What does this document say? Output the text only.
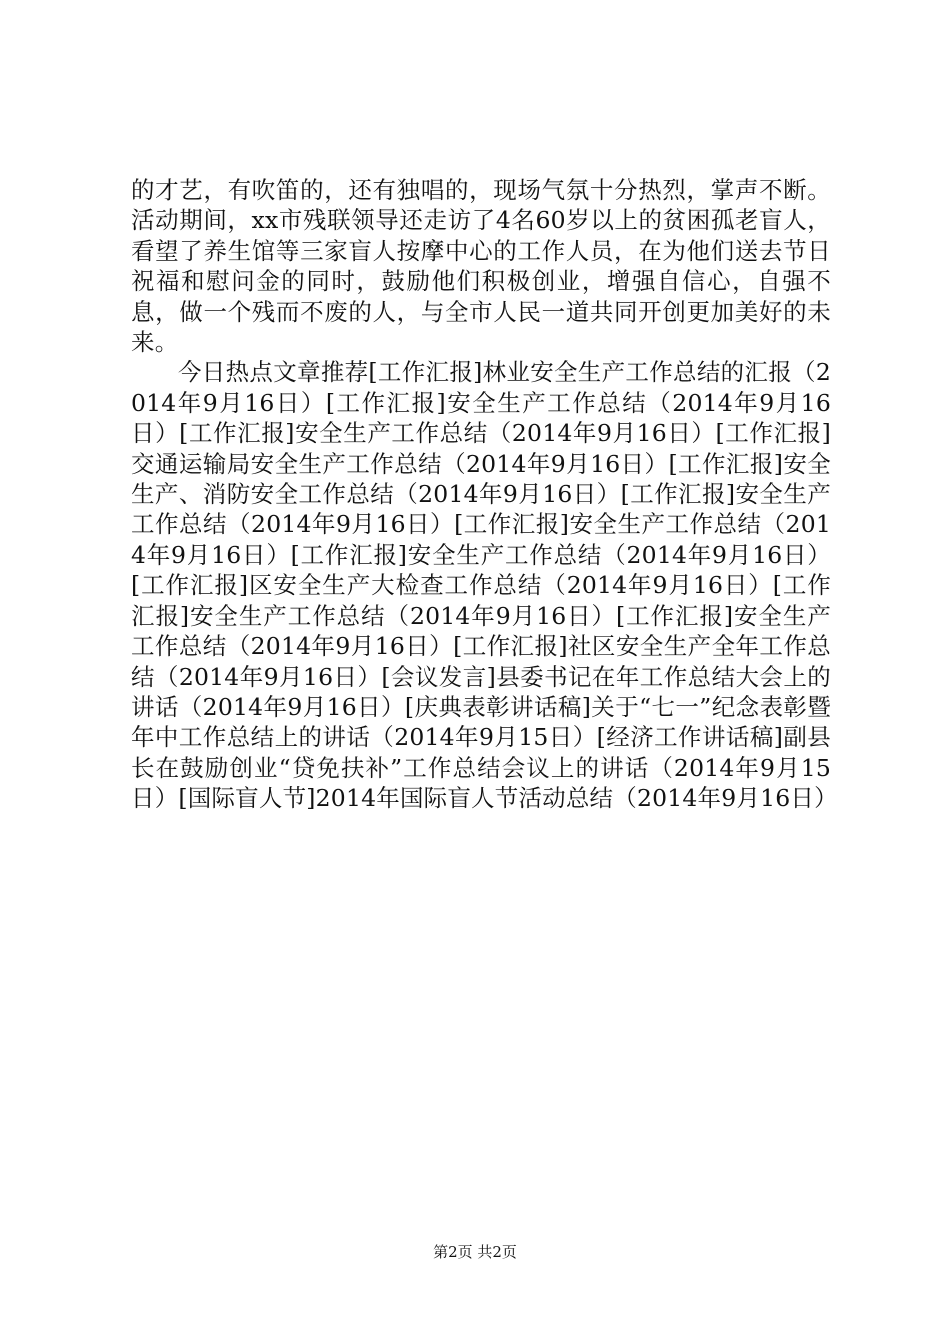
的才艺，有吹笛的，还有独唱的，现场气氛十分热烈，掌声不断。活动期间，xx市残联领导还走访了4名60岁以上的贫困孤老盲人，看望了养生馆等三家盲人按摩中心的工作人员，在为他们送去节日祝福和慰问金的同时，鼓励他们积极创业，增强自信心，自强不息，做一个残而不废的人，与全市人民一道共同开创更加美好的未来。

今日热点文章推荐[工作汇报]林业安全生产工作总结的汇报（2014年9月16日）[工作汇报]安全生产工作总结（2014年9月16日）[工作汇报]安全生产工作总结（2014年9月16日）[工作汇报]交通运输局安全生产工作总结（2014年9月16日）[工作汇报]安全生产、消防安全工作总结（2014年9月16日）[工作汇报]安全生产工作总结（2014年9月16日）[工作汇报]安全生产工作总结（2014年9月16日）[工作汇报]安全生产工作总结（2014年9月16日）[工作汇报]区安全生产大检查工作总结（2014年9月16日）[工作汇报]安全生产工作总结（2014年9月16日）[工作汇报]安全生产工作总结（2014年9月16日）[工作汇报]社区安全生产全年工作总结（2014年9月16日）[会议发言]县委书记在年工作总结大会上的讲话（2014年9月16日）[庆典表彰讲话稿]关于“七一”纪念表彰暨年中工作总结上的讲话（2014年9月15日）[经济工作讲话稿]副县长在鼓励创业“贷免扶补”工作总结会议上的讲话（2014年9月15日）[国际盲人节]2014年国际盲人节活动总结（2014年9月16日）

第2页 共2页
